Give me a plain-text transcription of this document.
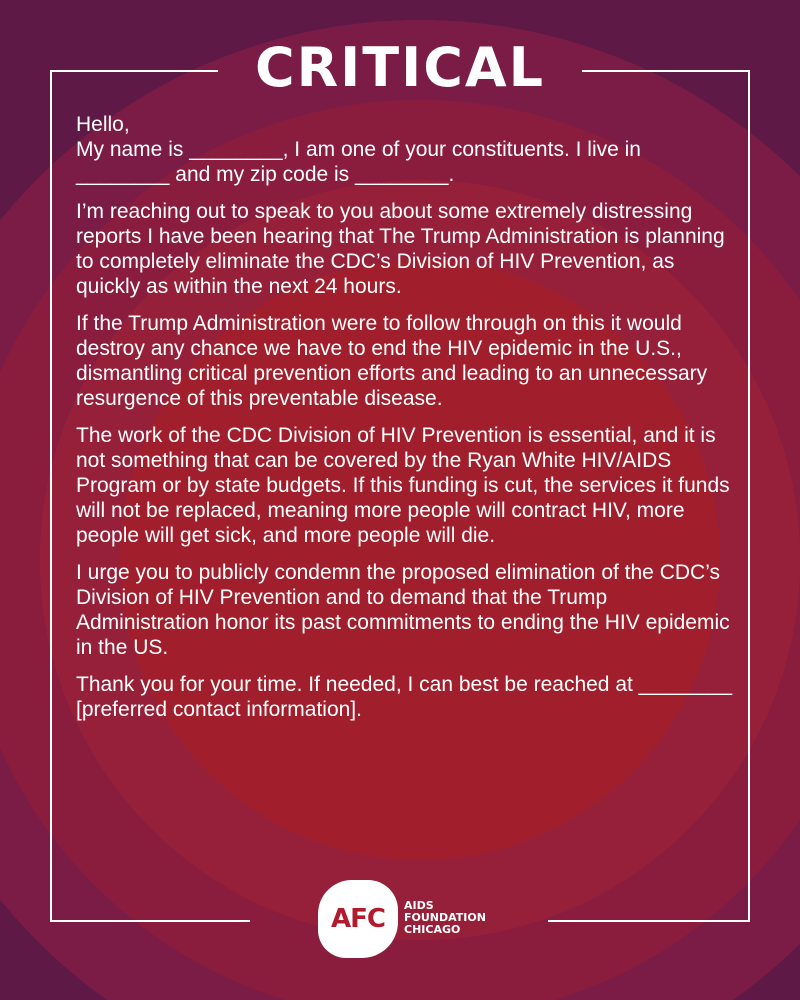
CRITICAL

Hello,
My name is ________, I am one of your constituents. I live in ________ and my zip code is ________.

I’m reaching out to speak to you about some extremely distressing reports I have been hearing that The Trump Administration is planning to completely eliminate the CDC’s Division of HIV Prevention, as quickly as within the next 24 hours.

If the Trump Administration were to follow through on this it would destroy any chance we have to end the HIV epidemic in the U.S., dismantling critical prevention efforts and leading to an unnecessary resurgence of this preventable disease.

The work of the CDC Division of HIV Prevention is essential, and it is not something that can be covered by the Ryan White HIV/AIDS Program or by state budgets. If this funding is cut, the services it funds will not be replaced, meaning more people will contract HIV, more people will get sick, and more people will die.

I urge you to publicly condemn the proposed elimination of the CDC’s Division of HIV Prevention and to demand that the Trump Administration honor its past commitments to ending the HIV epidemic in the US.

Thank you for your time. If needed, I can best be reached at ________ [preferred contact information].

AFC	AIDS
FOUNDATION
CHICAGO
